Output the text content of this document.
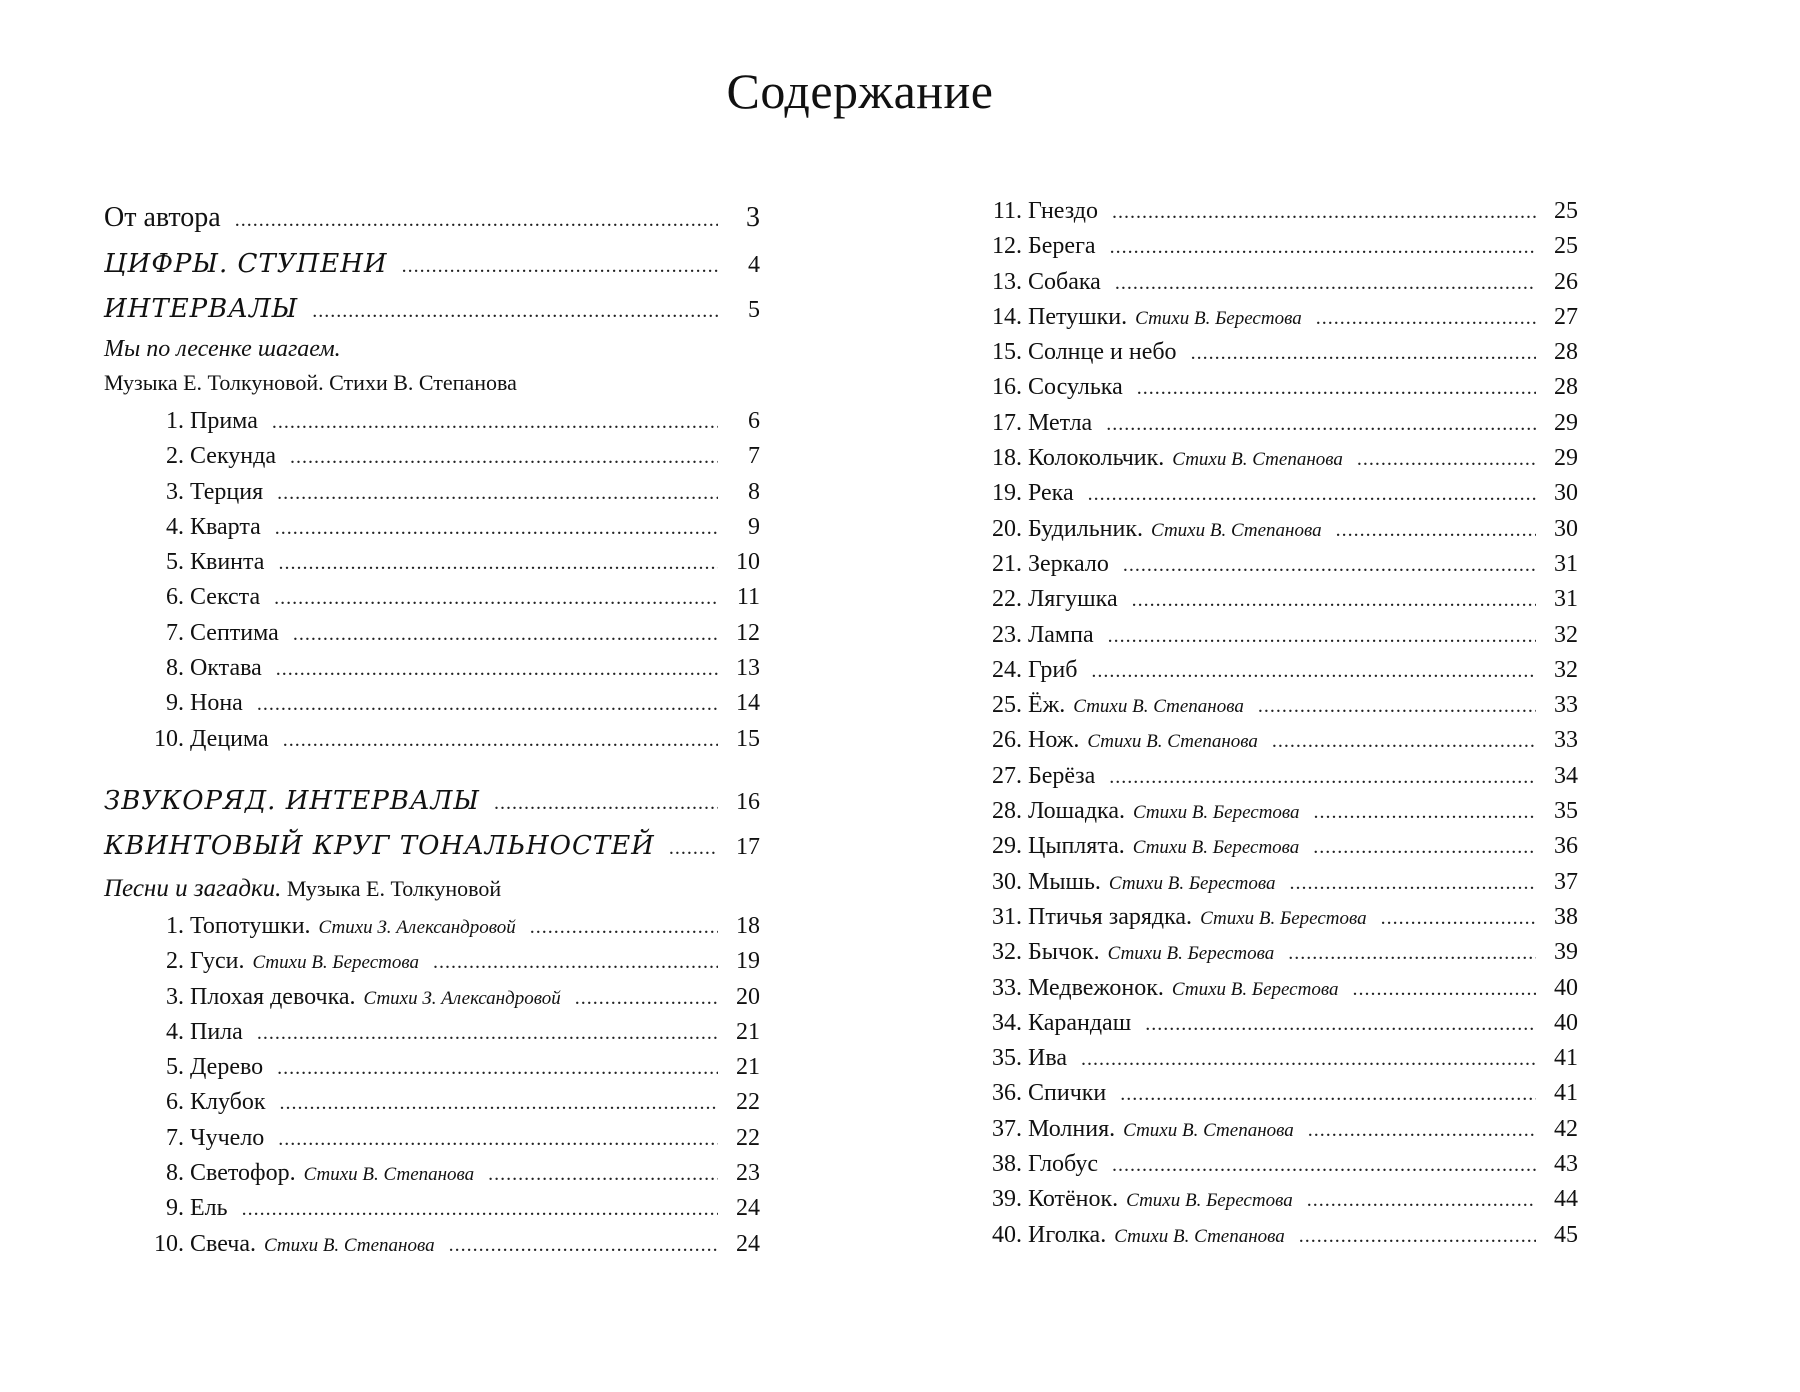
Содержание
От автора .....	3
ЦИФРЫ. СТУПЕНИ .....	4
ИНТЕРВАЛЫ .....	5
Мы по лесенке шагаем.
Музыка Е. Толкуновой. Стихи В. Степанова
1. Прима .....	6
2. Секунда .....	7
3. Терция .....	8
4. Кварта .....	9
5. Квинта .....	10
6. Секста .....	11
7. Септима .....	12
8. Октава .....	13
9. Нона .....	14
10. Децима .....	15
ЗВУКОРЯД. ИНТЕРВАЛЫ .....	16
КВИНТОВЫЙ КРУГ ТОНАЛЬНОСТЕЙ .....	17
Песни и загадки. Музыка Е. Толкуновой
1. Топотушки. Стихи З. Александровой .....	18
2. Гуси. Стихи В. Берестова .....	19
3. Плохая девочка. Стихи З. Александровой .....	20
4. Пила .....	21
5. Дерево .....	21
6. Клубок .....	22
7. Чучело .....	22
8. Светофор. Стихи В. Степанова .....	23
9. Ель .....	24
10. Свеча. Стихи В. Степанова .....	24
11. Гнездо .....	25
12. Берега .....	25
13. Собака .....	26
14. Петушки. Стихи В. Берестова .....	27
15. Солнце и небо .....	28
16. Сосулька .....	28
17. Метла .....	29
18. Колокольчик. Стихи В. Степанова .....	29
19. Река .....	30
20. Будильник. Стихи В. Степанова .....	30
21. Зеркало .....	31
22. Лягушка .....	31
23. Лампа .....	32
24. Гриб .....	32
25. Ёж. Стихи В. Степанова .....	33
26. Нож. Стихи В. Степанова .....	33
27. Берёза .....	34
28. Лошадка. Стихи В. Берестова .....	35
29. Цыплята. Стихи В. Берестова .....	36
30. Мышь. Стихи В. Берестова .....	37
31. Птичья зарядка. Стихи В. Берестова .....	38
32. Бычок. Стихи В. Берестова .....	39
33. Медвежонок. Стихи В. Берестова .....	40
34. Карандаш .....	40
35. Ива .....	41
36. Спички .....	41
37. Молния. Стихи В. Степанова .....	42
38. Глобус .....	43
39. Котёнок. Стихи В. Берестова .....	44
40. Иголка. Стихи В. Степанова .....	45
